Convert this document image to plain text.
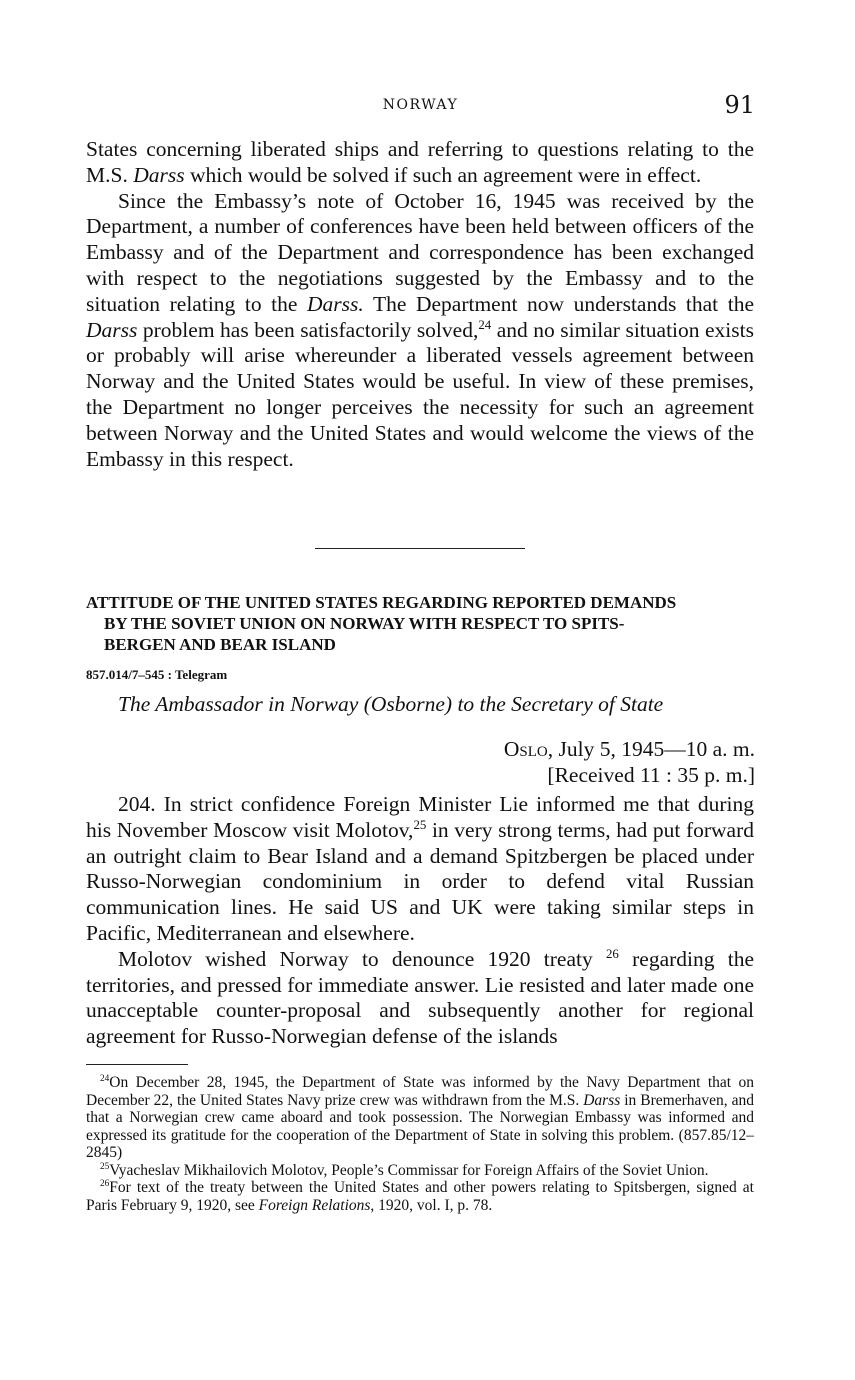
NORWAY	91

States concerning liberated ships and referring to questions relating to the M.S. Darss which would be solved if such an agreement were in effect.

Since the Embassy’s note of October 16, 1945 was received by the Department, a number of conferences have been held between officers of the Embassy and of the Department and correspondence has been exchanged with respect to the negotiations suggested by the Embassy and to the situation relating to the Darss. The Department now understands that the Darss problem has been satisfactorily solved,$^{24}$ and no similar situation exists or probably will arise whereunder a liberated vessels agreement between Norway and the United States would be useful. In view of these premises, the Department no longer perceives the necessity for such an agreement between Norway and the United States and would welcome the views of the Embassy in this respect.

ATTITUDE OF THE UNITED STATES REGARDING REPORTED DEMANDS
BY THE SOVIET UNION ON NORWAY WITH RESPECT TO SPITS-
BERGEN AND BEAR ISLAND
857.014/7–545 : Telegram
The Ambassador in Norway (Osborne) to the Secretary of State
Oslo, July 5, 1945—10 a. m.
[Received 11 : 35 p. m.]

204. In strict confidence Foreign Minister Lie informed me that during his November Moscow visit Molotov,$^{25}$ in very strong terms, had put forward an outright claim to Bear Island and a demand Spitzbergen be placed under Russo-Norwegian condominium in order to defend vital Russian communication lines. He said US and UK were taking similar steps in Pacific, Mediterranean and elsewhere.

Molotov wished Norway to denounce 1920 treaty $^{26}$ regarding the territories, and pressed for immediate answer. Lie resisted and later made one unacceptable counter-proposal and subsequently another for regional agreement for Russo-Norwegian defense of the islands

$^{24}$On December 28, 1945, the Department of State was informed by the Navy Department that on December 22, the United States Navy prize crew was withdrawn from the M.S. Darss in Bremerhaven, and that a Norwegian crew came aboard and took possession. The Norwegian Embassy was informed and expressed its gratitude for the cooperation of the Department of State in solving this problem. (857.85/12–2845)

$^{25}$Vyacheslav Mikhailovich Molotov, People’s Commissar for Foreign Affairs of the Soviet Union.

$^{26}$For text of the treaty between the United States and other powers relating to Spitsbergen, signed at Paris February 9, 1920, see Foreign Relations, 1920, vol. I, p. 78.
